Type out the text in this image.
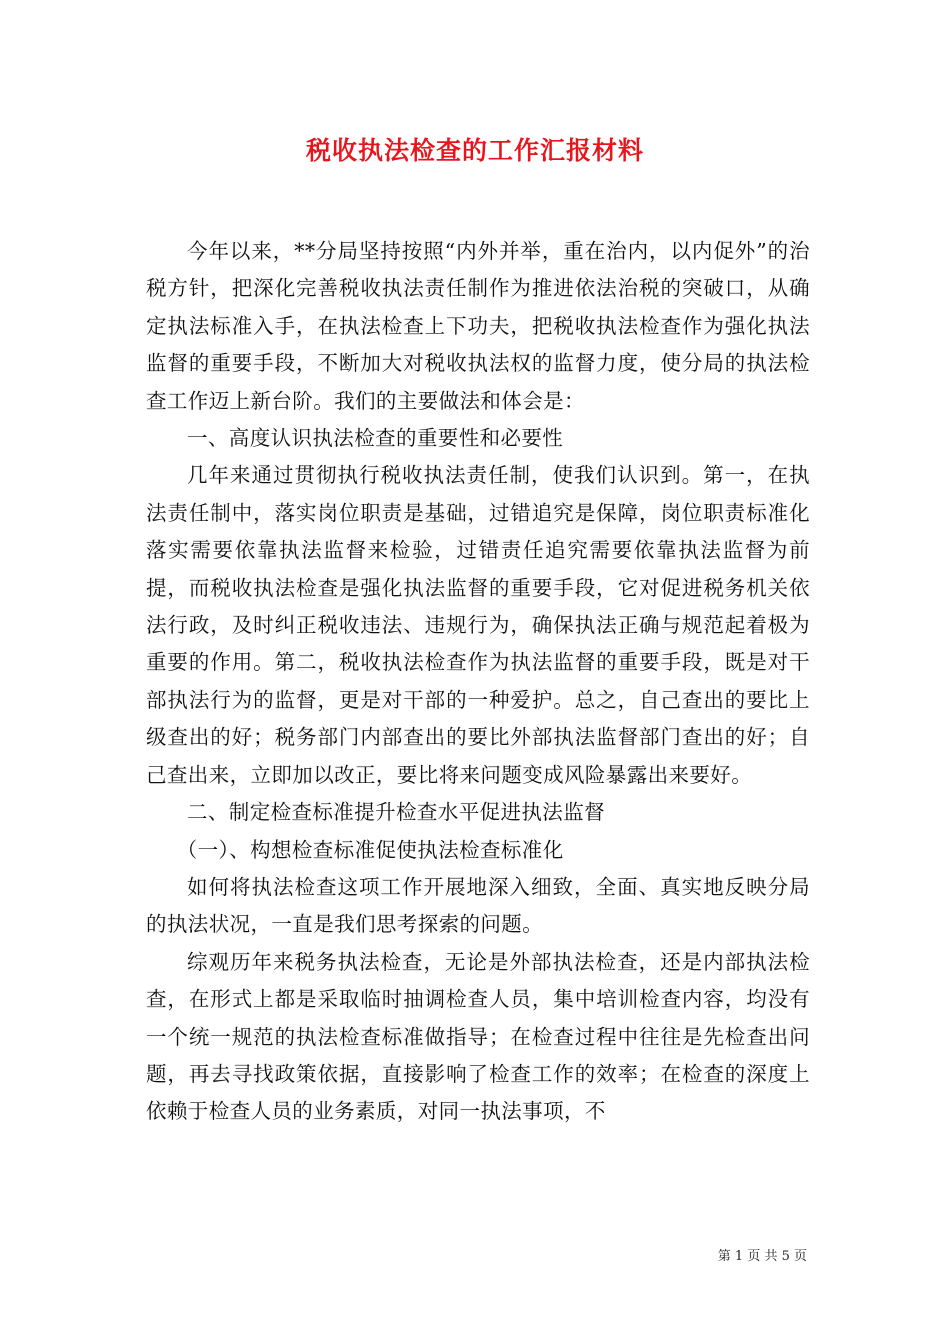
税收执法检查的工作汇报材料

今年以来，**分局坚持按照“内外并举，重在治内，以内促外”的治税方针，把深化完善税收执法责任制作为推进依法治税的突破口，从确定执法标准入手，在执法检查上下功夫，把税收执法检查作为强化执法监督的重要手段，不断加大对税收执法权的监督力度，使分局的执法检查工作迈上新台阶。我们的主要做法和体会是：

一、高度认识执法检查的重要性和必要性

几年来通过贯彻执行税收执法责任制，使我们认识到。第一，在执法责任制中，落实岗位职责是基础，过错追究是保障，岗位职责标准化落实需要依靠执法监督来检验，过错责任追究需要依靠执法监督为前提，而税收执法检查是强化执法监督的重要手段，它对促进税务机关依法行政，及时纠正税收违法、违规行为，确保执法正确与规范起着极为重要的作用。第二，税收执法检查作为执法监督的重要手段，既是对干部执法行为的监督，更是对干部的一种爱护。总之，自己查出的要比上级查出的好；税务部门内部查出的要比外部执法监督部门查出的好；自己查出来，立即加以改正，要比将来问题变成风险暴露出来要好。

二、制定检查标准提升检查水平促进执法监督

（一）、构想检查标准促使执法检查标准化

如何将执法检查这项工作开展地深入细致，全面、真实地反映分局的执法状况，一直是我们思考探索的问题。

综观历年来税务执法检查，无论是外部执法检查，还是内部执法检查，在形式上都是采取临时抽调检查人员，集中培训检查内容，均没有一个统一规范的执法检查标准做指导；在检查过程中往往是先检查出问题，再去寻找政策依据，直接影响了检查工作的效率；在检查的深度上依赖于检查人员的业务素质，对同一执法事项，不

第 1 页 共 5 页
